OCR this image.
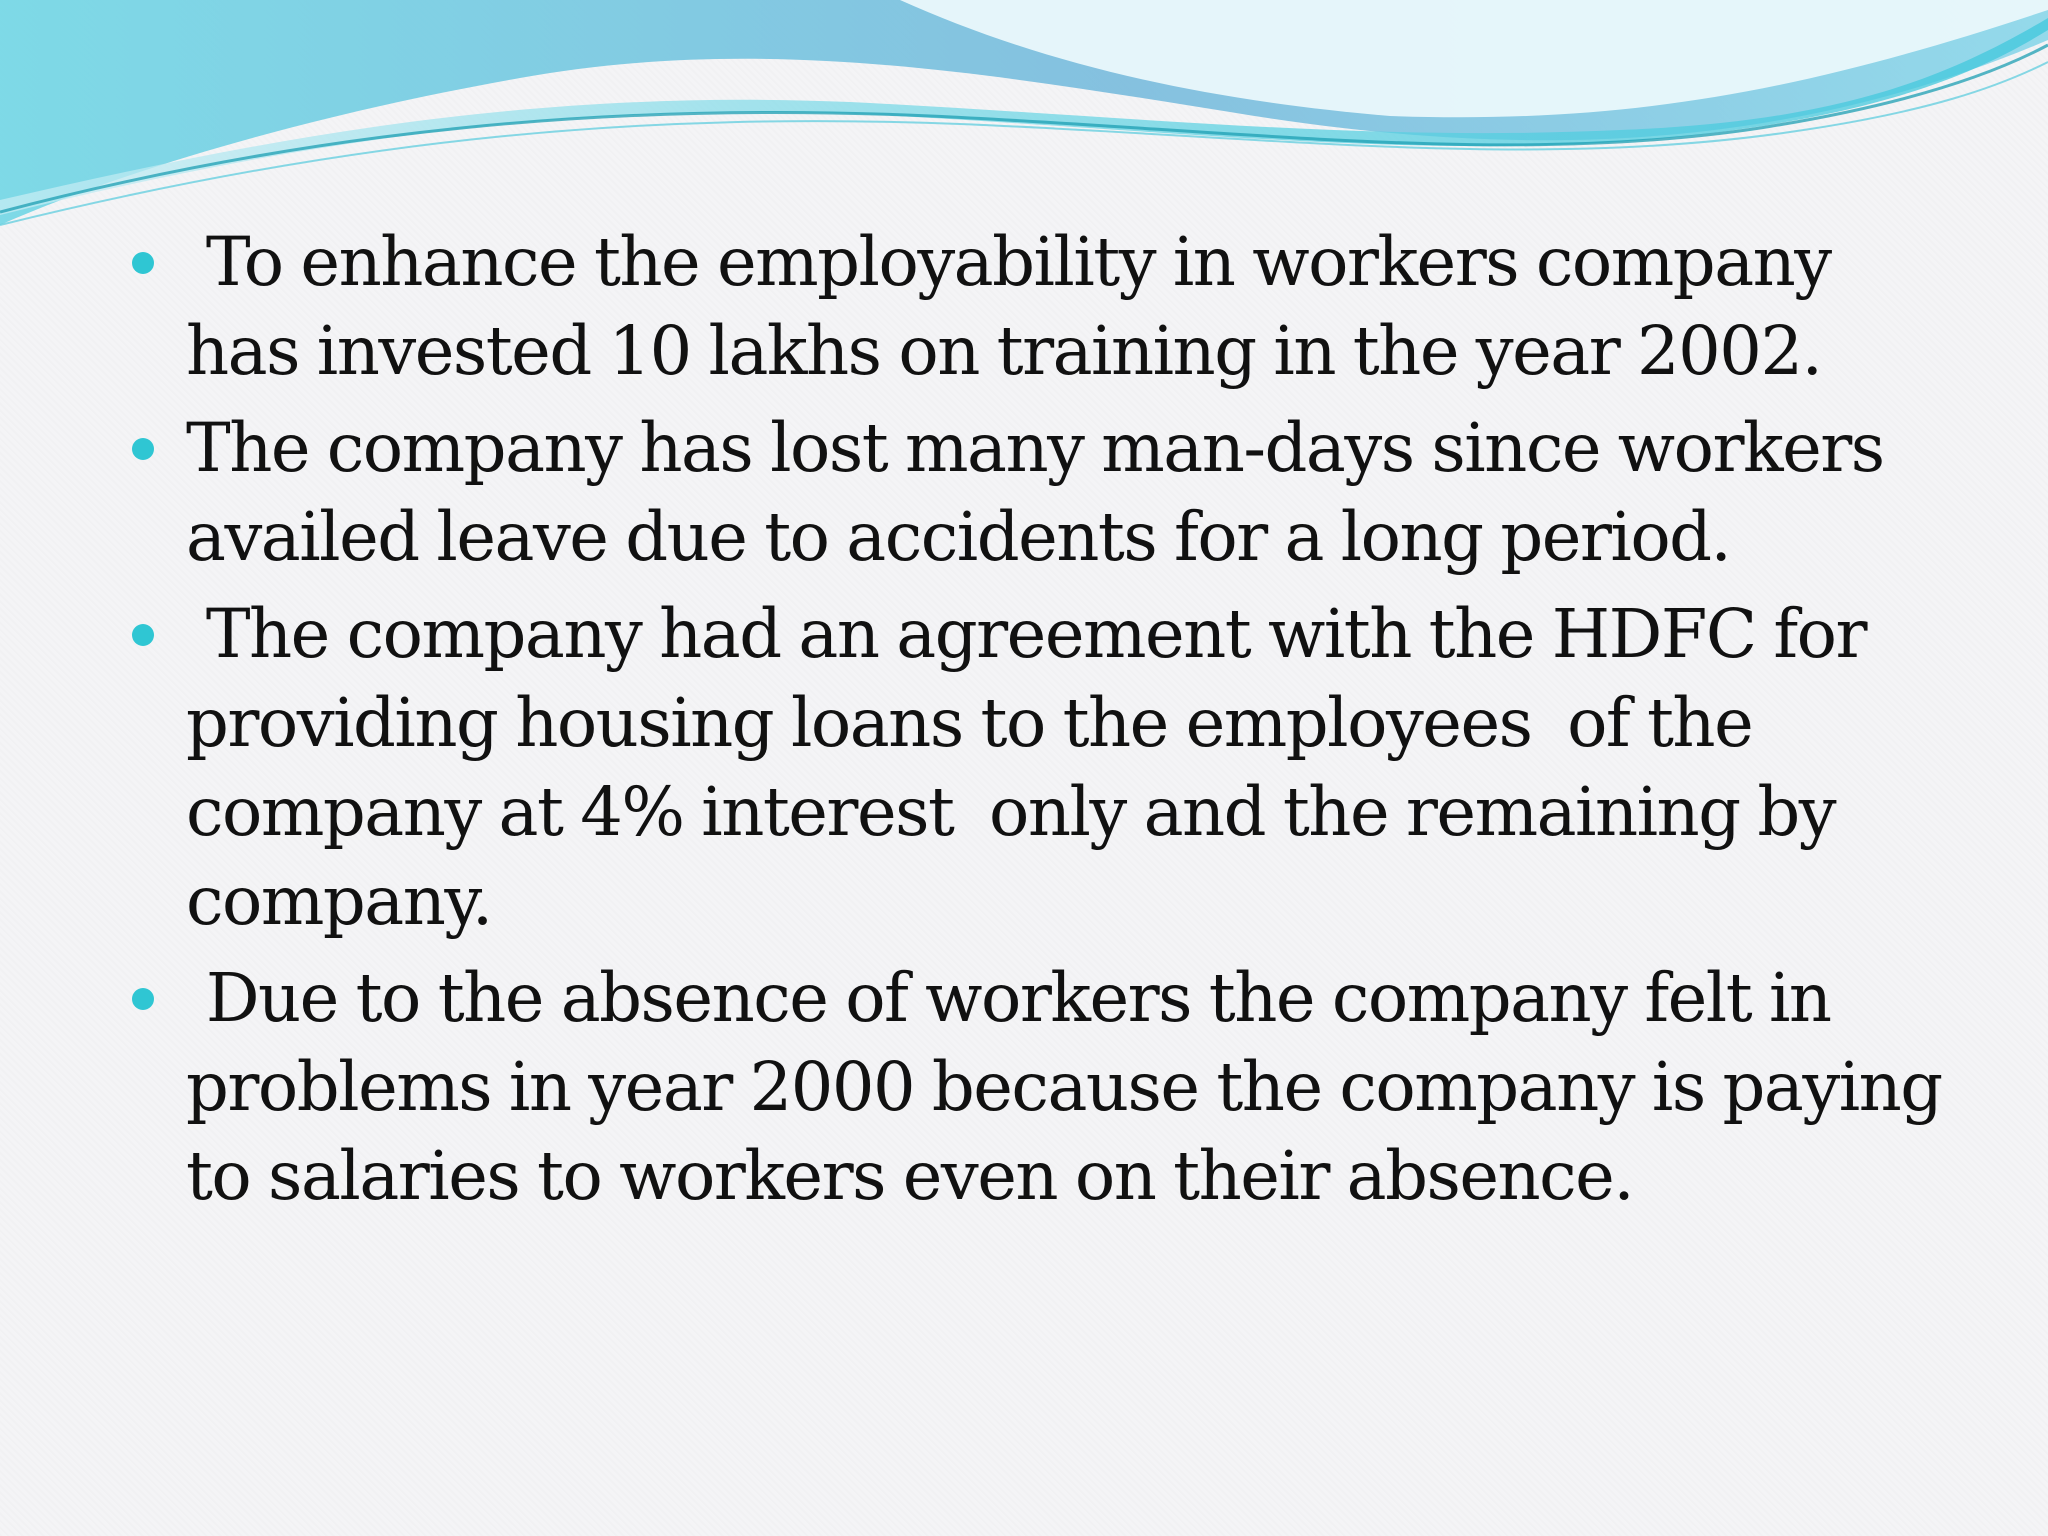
To enhance the employability in workers company has invested 10 lakhs on training in the year 2002.
The company has lost many man-days since workers availed leave due to accidents for a long period.
The company had an agreement with the HDFC for providing housing loans to the employees  of the company at 4% interest  only and the remaining by company.
Due to the absence of workers the company felt in problems in year 2000 because the company is paying to salaries to workers even on their absence.
